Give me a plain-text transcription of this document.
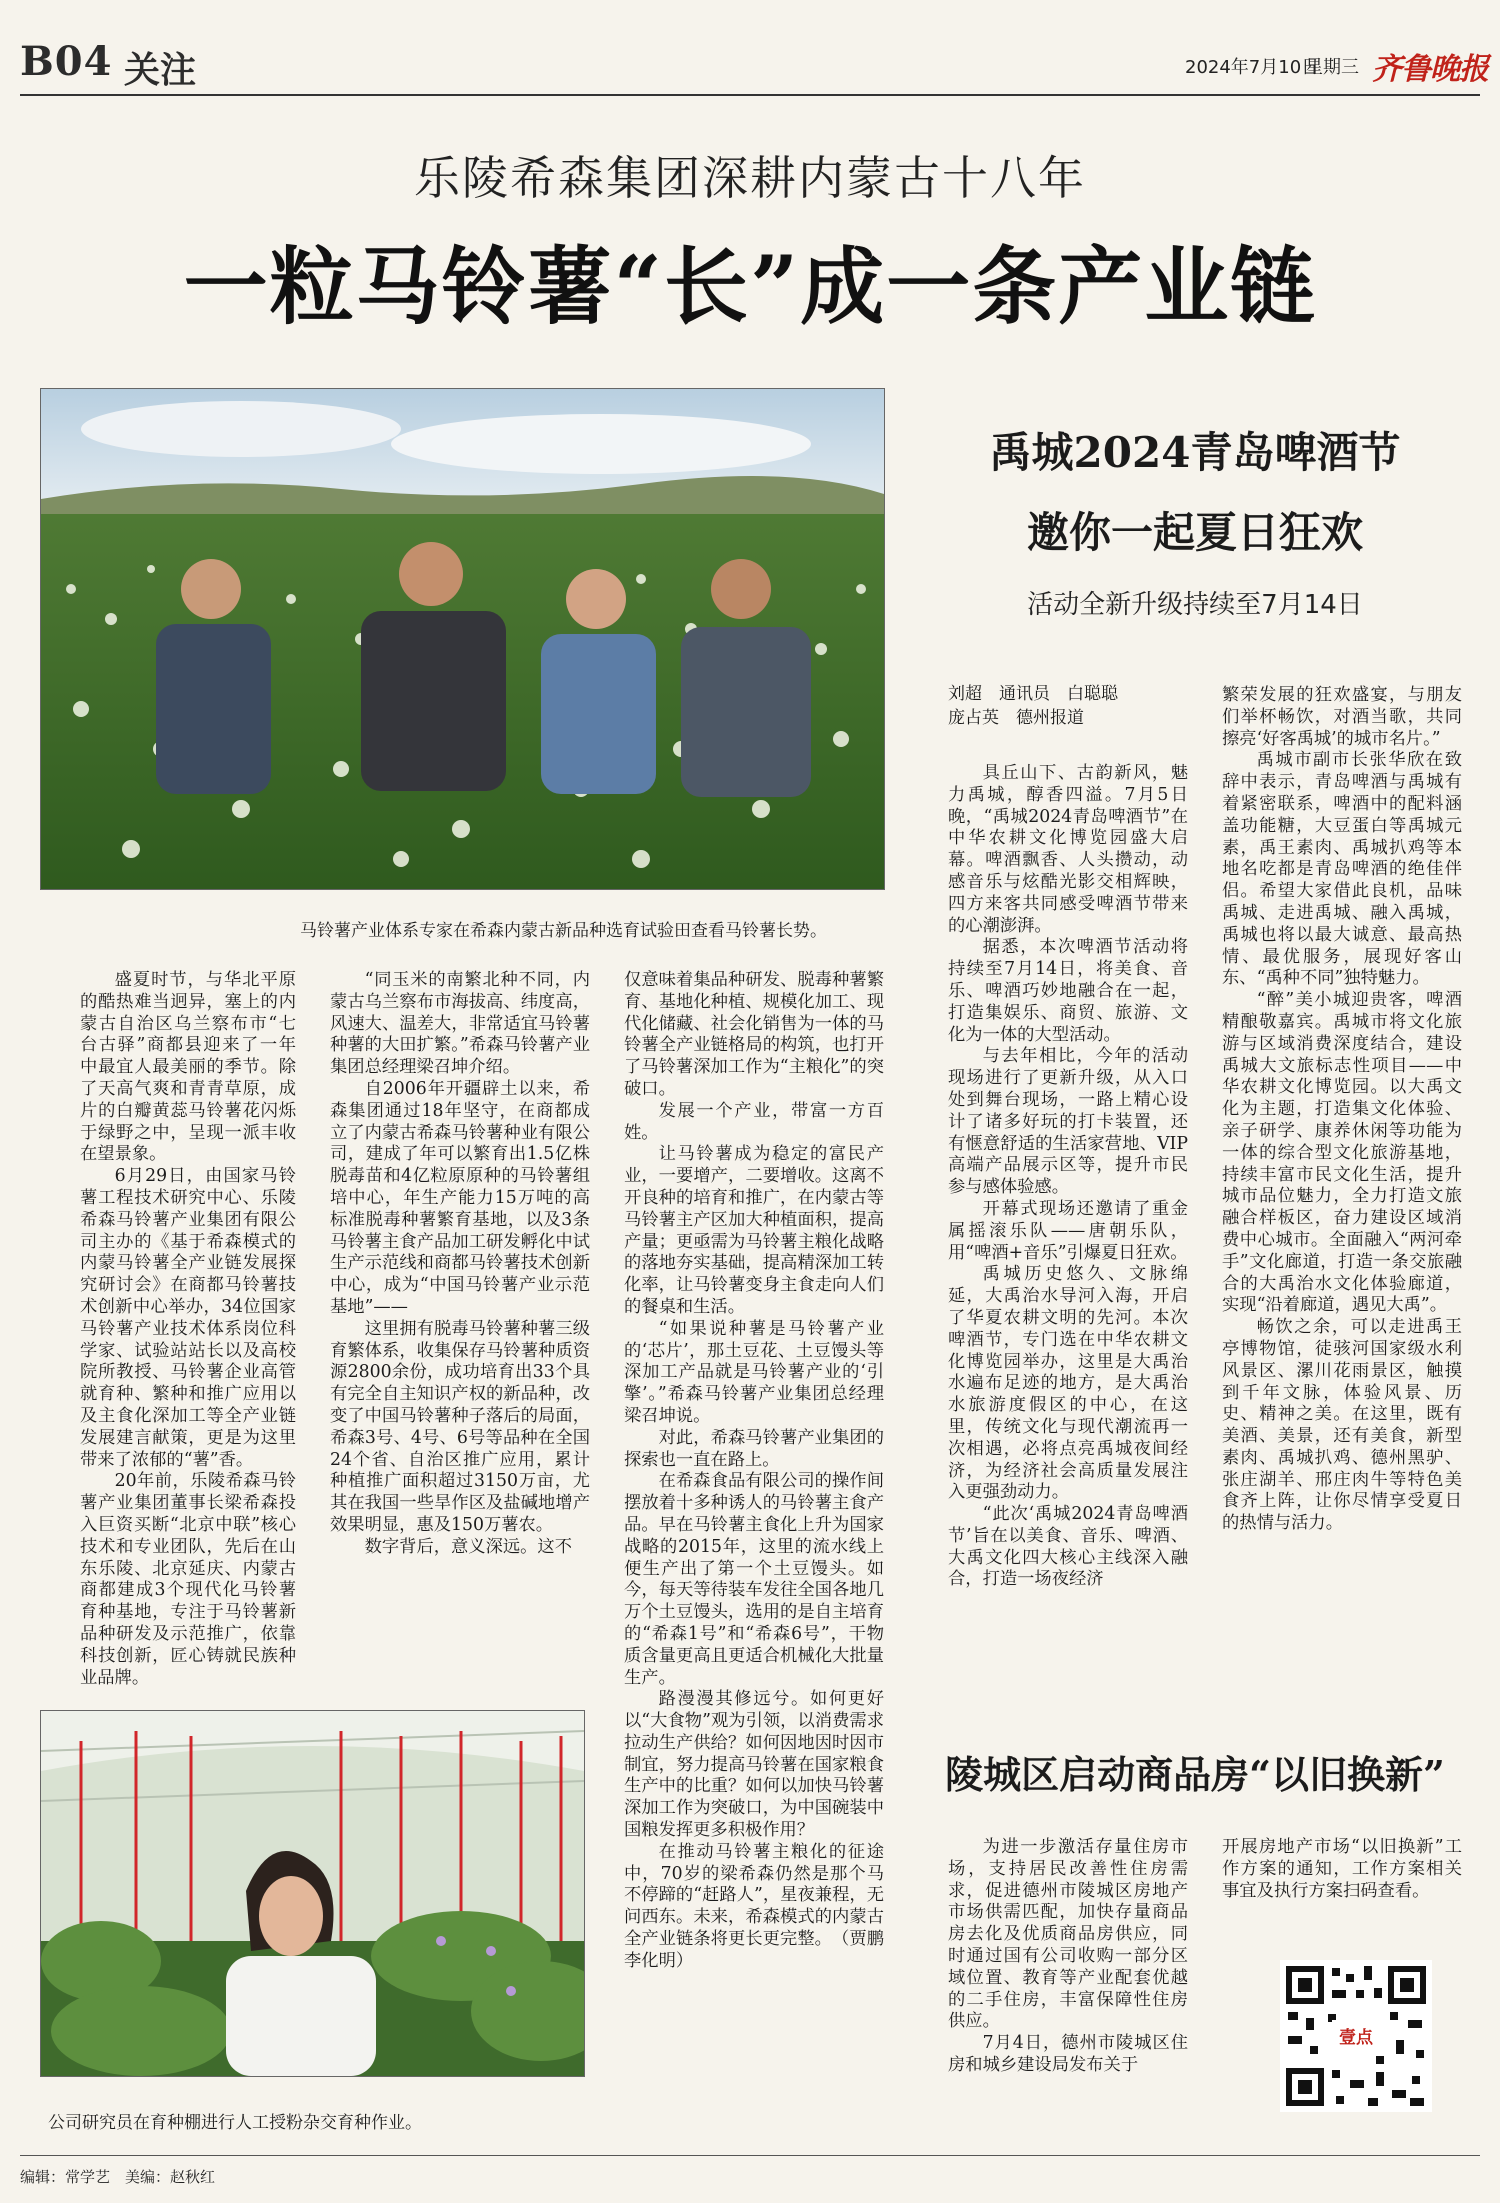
B04 关注	2024年7月10日
星期三 齐鲁晚报
乐陵希森集团深耕内蒙古十八年
一粒马铃薯“长”成一条产业链
马铃薯产业体系专家在希森内蒙古新品种选育试验田查看马铃薯长势。

盛夏时节，与华北平原的酷热难当迥异，塞上的内蒙古自治区乌兰察布市“七台古驿”商都县迎来了一年中最宜人最美丽的季节。除了天高气爽和青青草原，成片的白瓣黄蕊马铃薯花闪烁于绿野之中，呈现一派丰收在望景象。

6月29日，由国家马铃薯工程技术研究中心、乐陵希森马铃薯产业集团有限公司主办的《基于希森模式的内蒙马铃薯全产业链发展探究研讨会》在商都马铃薯技术创新中心举办，34位国家马铃薯产业技术体系岗位科学家、试验站站长以及高校院所教授、马铃薯企业高管就育种、繁种和推广应用以及主食化深加工等全产业链发展建言献策，更是为这里带来了浓郁的“薯”香。

20年前，乐陵希森马铃薯产业集团董事长梁希森投入巨资买断“北京中联”核心技术和专业团队，先后在山东乐陵、北京延庆、内蒙古商都建成3个现代化马铃薯育种基地，专注于马铃薯新品种研发及示范推广，依靠科技创新，匠心铸就民族种业品牌。

“同玉米的南繁北种不同，内蒙古乌兰察布市海拔高、纬度高，风速大、温差大，非常适宜马铃薯种薯的大田扩繁。”希森马铃薯产业集团总经理梁召坤介绍。

自2006年开疆辟土以来，希森集团通过18年坚守，在商都成立了内蒙古希森马铃薯种业有限公司，建成了年可以繁育出1.5亿株脱毒苗和4亿粒原原种的马铃薯组培中心，年生产能力15万吨的高标准脱毒种薯繁育基地，以及3条马铃薯主食产品加工研发孵化中试生产示范线和商都马铃薯技术创新中心，成为“中国马铃薯产业示范基地”——

这里拥有脱毒马铃薯种薯三级育繁体系，收集保存马铃薯种质资源2800余份，成功培育出33个具有完全自主知识产权的新品种，改变了中国马铃薯种子落后的局面，希森3号、4号、6号等品种在全国24个省、自治区推广应用，累计种植推广面积超过3150万亩，尤其在我国一些旱作区及盐碱地增产效果明显，惠及150万薯农。

数字背后，意义深远。这不

仅意味着集品种研发、脱毒种薯繁育、基地化种植、规模化加工、现代化储藏、社会化销售为一体的马铃薯全产业链格局的构筑，也打开了马铃薯深加工作为“主粮化”的突破口。

发展一个产业，带富一方百姓。

让马铃薯成为稳定的富民产业，一要增产，二要增收。这离不开良种的培育和推广，在内蒙古等马铃薯主产区加大种植面积，提高产量；更亟需为马铃薯主粮化战略的落地夯实基础，提高精深加工转化率，让马铃薯变身主食走向人们的餐桌和生活。

“如果说种薯是马铃薯产业的‘芯片’，那土豆花、土豆馒头等深加工产品就是马铃薯产业的‘引擎’。”希森马铃薯产业集团总经理梁召坤说。

对此，希森马铃薯产业集团的探索也一直在路上。

在希森食品有限公司的操作间摆放着十多种诱人的马铃薯主食产品。早在马铃薯主食化上升为国家战略的2015年，这里的流水线上便生产出了第一个土豆馒头。如今，每天等待装车发往全国各地几万个土豆馒头，选用的是自主培育的“希森1号”和“希森6号”，干物质含量更高且更适合机械化大批量生产。

路漫漫其修远兮。如何更好以“大食物”观为引领，以消费需求拉动生产供给？如何因地因时因市制宜，努力提高马铃薯在国家粮食生产中的比重？如何以加快马铃薯深加工作为突破口，为中国碗装中国粮发挥更多积极作用？

在推动马铃薯主粮化的征途中，70岁的梁希森仍然是那个马不停蹄的“赶路人”，星夜兼程，无问西东。未来，希森模式的内蒙古全产业链条将更长更完整。　（贾鹏　李化明）

公司研究员在育种棚进行人工授粉杂交育种作业。
禹城2024青岛啤酒节
邀你一起夏日狂欢
活动全新升级持续至7月14日
刘超　通讯员　白聪聪
庞占英　德州报道

具丘山下、古韵新风，魅力禹城，醇香四溢。7月5日晚，“禹城2024青岛啤酒节”在中华农耕文化博览园盛大启幕。啤酒飘香、人头攒动，动感音乐与炫酷光影交相辉映，四方来客共同感受啤酒节带来的心潮澎湃。

据悉，本次啤酒节活动将持续至7月14日，将美食、音乐、啤酒巧妙地融合在一起，打造集娱乐、商贸、旅游、文化为一体的大型活动。

与去年相比，今年的活动现场进行了更新升级，从入口处到舞台现场，一路上精心设计了诸多好玩的打卡装置，还有惬意舒适的生活家营地、VIP高端产品展示区等，提升市民参与感体验感。

开幕式现场还邀请了重金属摇滚乐队——唐朝乐队，用“啤酒+音乐”引爆夏日狂欢。

禹城历史悠久、文脉绵延，大禹治水导河入海，开启了华夏农耕文明的先河。本次啤酒节，专门选在中华农耕文化博览园举办，这里是大禹治水遍布足迹的地方，是大禹治水旅游度假区的中心，在这里，传统文化与现代潮流再一次相遇，必将点亮禹城夜间经济，为经济社会高质量发展注入更强劲动力。

“此次‘禹城2024青岛啤酒节’旨在以美食、音乐、啤酒、大禹文化四大核心主线深入融合，打造一场夜经济

繁荣发展的狂欢盛宴，与朋友们举杯畅饮，对酒当歌，共同擦亮‘好客禹城’的城市名片。”

禹城市副市长张华欣在致辞中表示，青岛啤酒与禹城有着紧密联系，啤酒中的配料涵盖功能糖，大豆蛋白等禹城元素，禹王素肉、禹城扒鸡等本地名吃都是青岛啤酒的绝佳伴侣。希望大家借此良机，品味禹城、走进禹城、融入禹城，禹城也将以最大诚意、最高热情、最优服务，展现好客山东、“禹种不同”独特魅力。

“醉”美小城迎贵客，啤酒精酿敬嘉宾。禹城市将文化旅游与区域消费深度结合，建设禹城大文旅标志性项目——中华农耕文化博览园。以大禹文化为主题，打造集文化体验、亲子研学、康养休闲等功能为一体的综合型文化旅游基地，持续丰富市民文化生活，提升城市品位魅力，全力打造文旅融合样板区，奋力建设区域消费中心城市。全面融入“两河牵手”文化廊道，打造一条交旅融合的大禹治水文化体验廊道，实现“沿着廊道，遇见大禹”。

畅饮之余，可以走进禹王亭博物馆，徒骇河国家级水利风景区、漯川花雨景区，触摸到千年文脉，体验风景、历史、精神之美。在这里，既有美酒、美景，还有美食，新型素肉、禹城扒鸡、德州黑驴、张庄湖羊、邢庄肉牛等特色美食齐上阵，让你尽情享受夏日的热情与活力。

陵城区启动商品房“以旧换新”

为进一步激活存量住房市场，支持居民改善性住房需求，促进德州市陵城区房地产市场供需匹配，加快存量商品房去化及优质商品房供应，同时通过国有公司收购一部分区域位置、教育等产业配套优越的二手住房，丰富保障性住房供应。

7月4日，德州市陵城区住房和城乡建设局发布关于

开展房地产市场“以旧换新”工作方案的通知，工作方案相关事宜及执行方案扫码查看。

壹点
编辑：常学艺　美编：赵秋红
